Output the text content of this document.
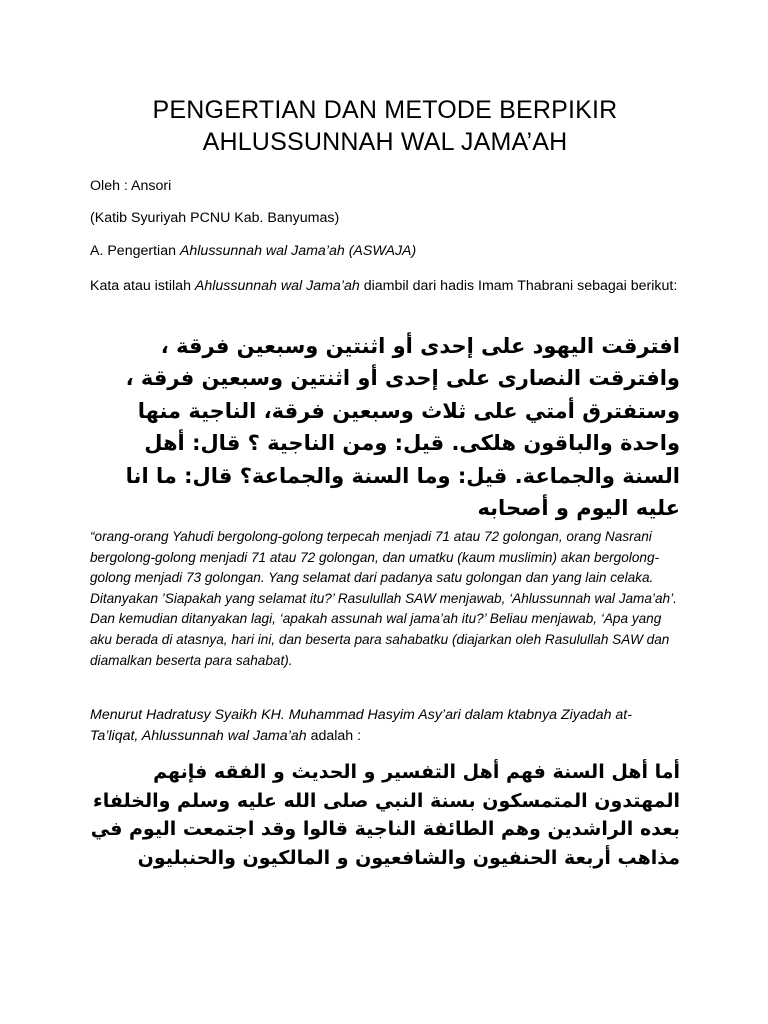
PENGERTIAN DAN METODE BERPIKIR
AHLUSSUNNAH WAL JAMA’AH

Oleh : Ansori

(Katib Syuriyah PCNU Kab. Banyumas)

A. Pengertian Ahlussunnah wal Jama’ah (ASWAJA)

Kata atau istilah Ahlussunnah wal Jama’ah diambil dari hadis Imam Thabrani sebagai berikut:

افترقت اليهود على إحدى أو اثنتين وسبعين فرقة ، وافترقت النصارى على إحدى أو اثنتين وسبعين فرقة ، وستفترق أمتي على ثلاث وسبعين فرقة، الناجية منها واحدة والباقون هلكى. قيل: ومن الناجية ؟ قال: أهل السنة والجماعة. قيل: وما السنة والجماعة؟ قال: ما انا عليه اليوم و أصحابه

“orang-orang Yahudi bergolong-golong terpecah menjadi 71 atau 72 golongan, orang Nasrani bergolong-golong menjadi 71 atau 72 golongan, dan umatku (kaum muslimin) akan bergolong-golong menjadi 73 golongan. Yang selamat dari padanya satu golongan dan yang lain celaka. Ditanyakan ’Siapakah yang selamat itu?’ Rasulullah SAW menjawab, ‘Ahlussunnah wal Jama’ah’. Dan kemudian ditanyakan lagi, ‘apakah assunah wal jama’ah itu?’ Beliau menjawab, ‘Apa yang aku berada di atasnya, hari ini, dan beserta para sahabatku (diajarkan oleh Rasulullah SAW dan diamalkan beserta para sahabat).

Menurut Hadratusy Syaikh KH. Muhammad Hasyim Asy’ari dalam ktabnya Ziyadah at-Ta’liqat, Ahlussunnah wal Jama’ah adalah :

أما أهل السنة فهم أهل التفسير و الحديث و الفقه فإنهم المهتدون المتمسكون بسنة النبي صلى الله عليه وسلم والخلفاء بعده الراشدين وهم الطائفة الناجية قالوا وقد اجتمعت اليوم في مذاهب أربعة الحنفيون والشافعيون و المالكيون والحنبليون
